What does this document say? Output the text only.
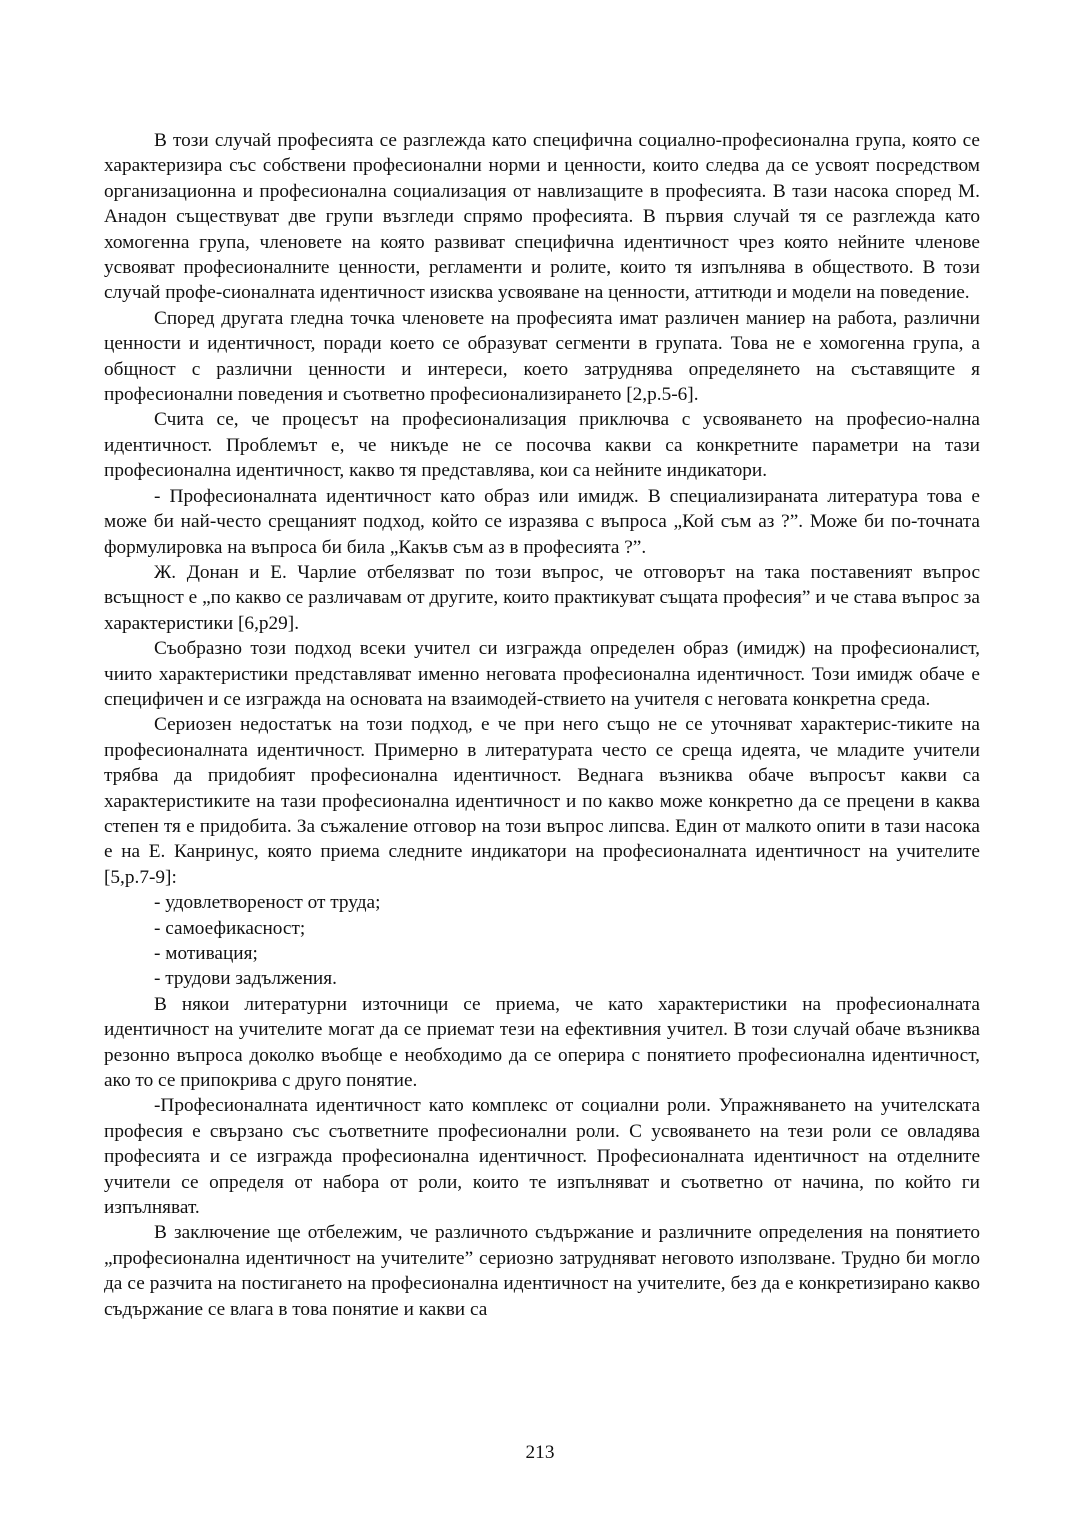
В този случай професията се разглежда като специфична социално-професионална група, която се характеризира със собствени професионални норми и ценности, които следва да се усвоят посредством организационна и професионална социализация от навлизащите в професията. В тази насока според М. Анадон съществуват две групи възгледи спрямо професията. В първия случай тя се разглежда като хомогенна група, членовете на която развиват специфична идентичност чрез която нейните членове усвояват професионалните ценности, регламенти и ролите, които тя изпълнява в обществото. В този случай профе-сионалната идентичност изисква усвояване на ценности, аттитюди и модели на поведение.

Според другата гледна точка членовете на професията имат различен маниер на работа, различни ценности и идентичност, поради което се образуват сегменти в групата. Това не е хомогенна група, а общност с различни ценности и интереси, което затруднява определянето на съставящите я професионални поведения и съответно професионализирането [2,p.5-6].

Счита се, че процесът на професионализация приключва с усвояването на професио-нална идентичност. Проблемът е, че никъде не се посочва какви са конкретните параметри на тази професионална идентичност, какво тя представлява, кои са нейните индикатори.

- Професионалната идентичност като образ или имидж. В специализираната литература това е може би най-често срещаният подход, който се изразява с въпроса „Кой съм аз ?”. Може би по-точната формулировка на въпроса би била „Какъв съм аз в професията ?”.

Ж. Донан и Е. Чарлие отбелязват по този въпрос, че отговорът на така поставеният въпрос всъщност е „по какво се различавам от другите, които практикуват същата професия” и че става въпрос за характеристики [6,p29].

Съобразно този подход всеки учител си изгражда определен образ (имидж) на професионалист, чиито характеристики представляват именно неговата професионална идентичност. Този имидж обаче е специфичен и се изгражда на основата на взаимодей-ствието на учителя с неговата конкретна среда.

Сериозен недостатък на този подход, е че при него също не се уточняват характерис-тиките на професионалната идентичност. Примерно в литературата често се среща идеята, че младите учители трябва да придобият професионална идентичност. Веднага възниква обаче въпросът какви са характеристиките на тази професионална идентичност и по какво може конкретно да се прецени в каква степен тя е придобита. За съжаление отговор на този въпрос липсва. Един от малкото опити в тази насока е на Е. Канринус, която приема следните индикатори на професионалната идентичност на учителите [5,p.7-9]:

- удовлетвореност от труда;

- самоефикасност;

- мотивация;

- трудови задължения.

В някои литературни източници се приема, че като характеристики на професионалната идентичност на учителите могат да се приемат тези на ефективния учител. В този случай обаче възниква резонно въпроса доколко въобще е необходимо да се оперира с понятието професионална идентичност, ако то се припокрива с друго понятие.

-Професионалната идентичност като комплекс от социални роли. Упражняването на учителската професия е свързано със съответните професионални роли. С усвояването на тези роли се овладява професията и се изгражда професионална идентичност. Професионалната идентичност на отделните учители се определя от набора от роли, които те изпълняват и съответно от начина, по който ги изпълняват.

В заключение ще отбележим, че различното съдържание и различните определения на понятието „професионална идентичност на учителите” сериозно затрудняват неговото използване. Трудно би могло да се разчита на постигането на професионална идентичност на учителите, без да е конкретизирано какво съдържание се влага в това понятие и какви са

213
